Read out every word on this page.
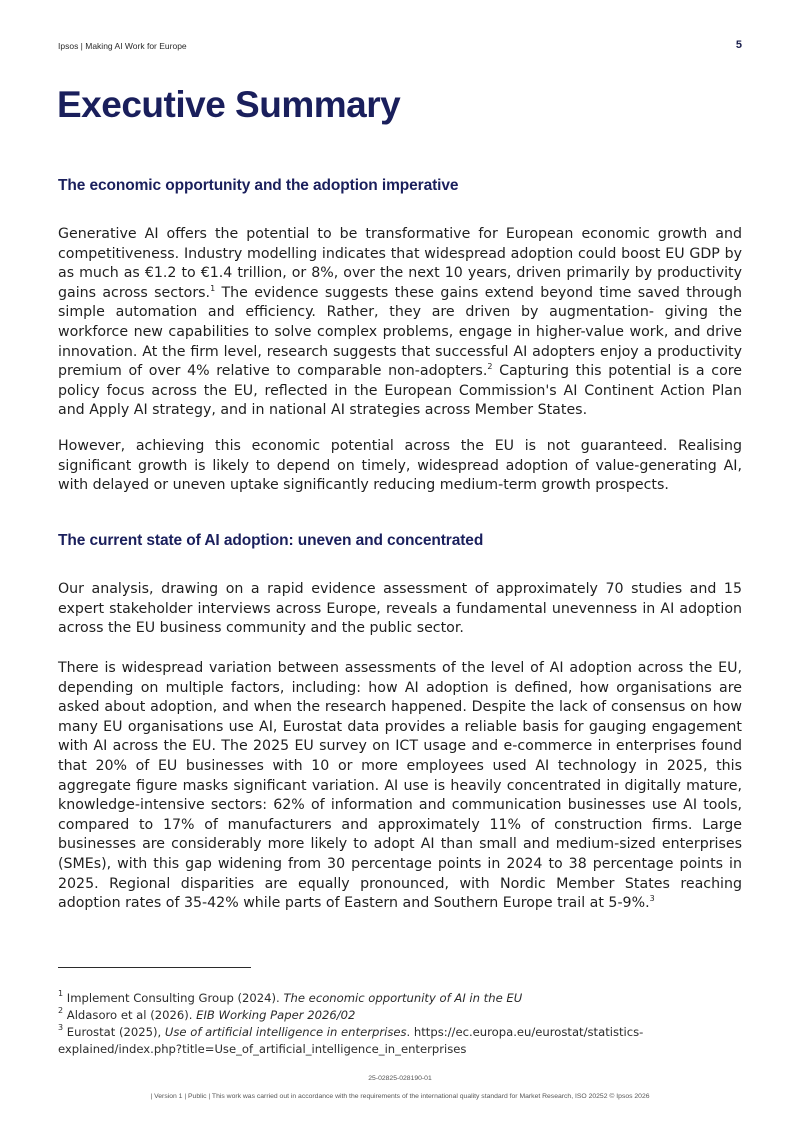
Ipsos | Making AI Work for Europe	5
Executive Summary
The economic opportunity and the adoption imperative

Generative AI offers the potential to be transformative for European economic growth and competitiveness. Industry modelling indicates that widespread adoption could boost EU GDP by as much as €1.2 to €1.4 trillion, or 8%, over the next 10 years, driven primarily by productivity gains across sectors.$^1$ The evidence suggests these gains extend beyond time saved through simple automation and efficiency. Rather, they are driven by augmentation- giving the workforce new capabilities to solve complex problems, engage in higher-value work, and drive innovation. At the firm level, research suggests that successful AI adopters enjoy a productivity premium of over 4% relative to comparable non-adopters.$^2$ Capturing this potential is a core policy focus across the EU, reflected in the European Commission's AI Continent Action Plan and Apply AI strategy, and in national AI strategies across Member States.

However, achieving this economic potential across the EU is not guaranteed. Realising significant growth is likely to depend on timely, widespread adoption of value-generating AI, with delayed or uneven uptake significantly reducing medium-term growth prospects.

The current state of AI adoption: uneven and concentrated

Our analysis, drawing on a rapid evidence assessment of approximately 70 studies and 15 expert stakeholder interviews across Europe, reveals a fundamental unevenness in AI adoption across the EU business community and the public sector.

There is widespread variation between assessments of the level of AI adoption across the EU, depending on multiple factors, including: how AI adoption is defined, how organisations are asked about adoption, and when the research happened. Despite the lack of consensus on how many EU organisations use AI, Eurostat data provides a reliable basis for gauging engagement with AI across the EU. The 2025 EU survey on ICT usage and e-commerce in enterprises found that 20% of EU businesses with 10 or more employees used AI technology in 2025, this aggregate figure masks significant variation. AI use is heavily concentrated in digitally mature, knowledge-intensive sectors: 62% of information and communication businesses use AI tools, compared to 17% of manufacturers and approximately 11% of construction firms. Large businesses are considerably more likely to adopt AI than small and medium-sized enterprises (SMEs), with this gap widening from 30 percentage points in 2024 to 38 percentage points in 2025. Regional disparities are equally pronounced, with Nordic Member States reaching adoption rates of 35-42% while parts of Eastern and Southern Europe trail at 5-9%.$^3$

$^1$ Implement Consulting Group (2024). The economic opportunity of AI in the EU

$^2$ Aldasoro et al (2026). EIB Working Paper 2026/02

$^3$ Eurostat (2025), Use of artificial intelligence in enterprises. https://ec.europa.eu/eurostat/statistics-explained/index.php?title=Use_of_artificial_intelligence_in_enterprises

25-02825-028190-01
| Version 1 | Public | This work was carried out in accordance with the requirements of the international quality standard for Market Research, ISO 20252 © Ipsos 2026
